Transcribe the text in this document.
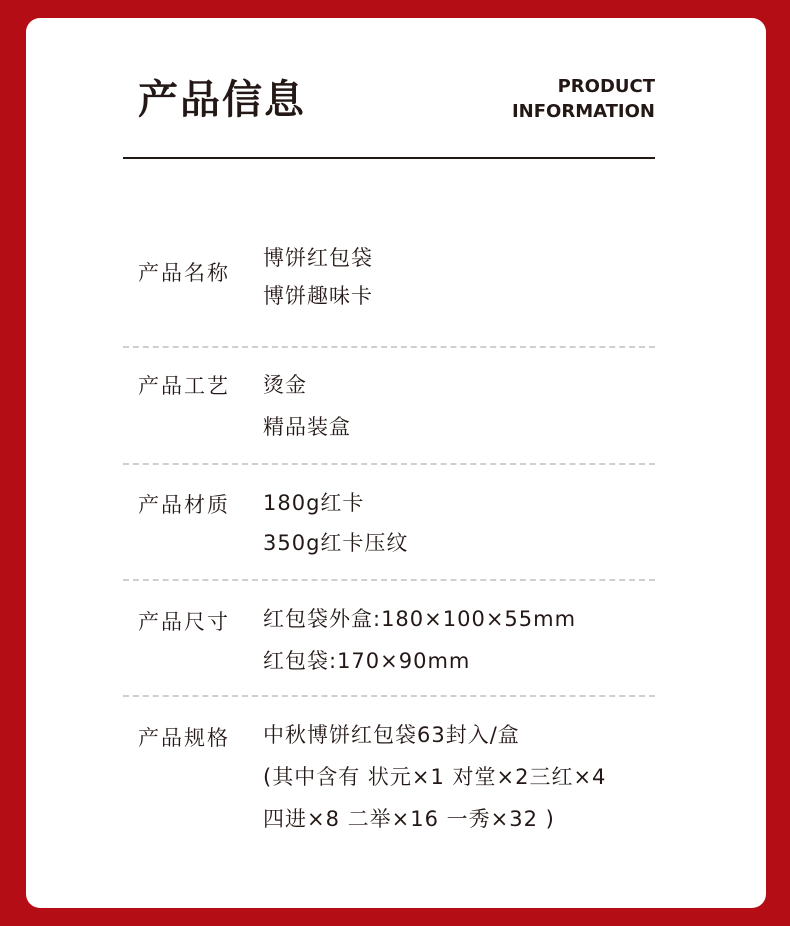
产品信息	PRODUCT
INFORMATION
产品名称
博饼红包袋
博饼趣味卡
产品工艺 烫金
精品装盒
产品材质 180g红卡
350g红卡压纹
产品尺寸 红包袋外盒:180×100×55mm
红包袋:170×90mm
产品规格 中秋博饼红包袋63封入/盒
(其中含有 状元×1 对堂×2三红×4
四进×8 二举×16 一秀×32 )
